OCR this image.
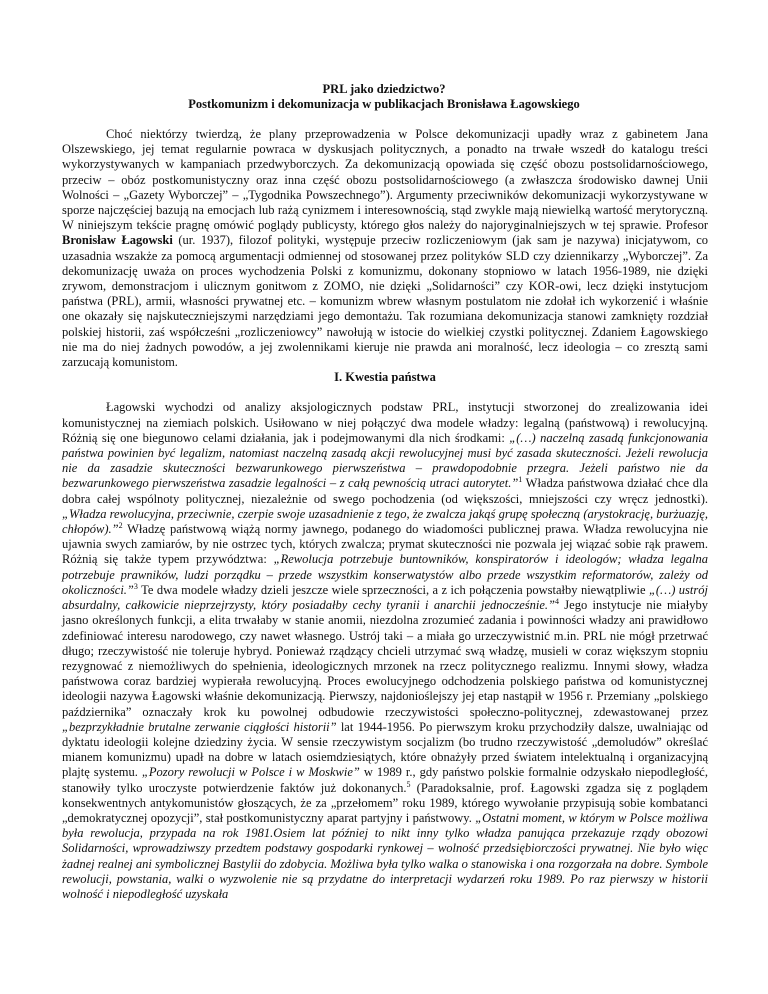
PRL jako dziedzictwo?
Postkomunizm i dekomunizacja w publikacjach Bronisława Łagowskiego

Choć niektórzy twierdzą, że plany przeprowadzenia w Polsce dekomunizacji upadły wraz z gabinetem Jana Olszewskiego, jej temat regularnie powraca w dyskusjach politycznych, a ponadto na trwałe wszedł do katalogu treści wykorzystywanych w kampaniach przedwyborczych. Za dekomunizacją opowiada się część obozu postsolidarnościowego, przeciw – obóz postkomunistyczny oraz inna część obozu postsolidarnościowego (a zwłaszcza środowisko dawnej Unii Wolności – „Gazety Wyborczej” – „Tygodnika Powszechnego”). Argumenty przeciwników dekomunizacji wykorzystywane w sporze najczęściej bazują na emocjach lub rażą cynizmem i interesownością, stąd zwykle mają niewielką wartość merytoryczną. W niniejszym tekście pragnę omówić poglądy publicysty, którego głos należy do najoryginalniejszych w tej sprawie. Profesor Bronisław Łagowski (ur. 1937), filozof polityki, występuje przeciw rozliczeniowym (jak sam je nazywa) inicjatywom, co uzasadnia wszakże za pomocą argumentacji odmiennej od stosowanej przez polityków SLD czy dziennikarzy „Wyborczej”. Za dekomunizację uważa on proces wychodzenia Polski z komunizmu, dokonany stopniowo w latach 1956-1989, nie dzięki zrywom, demonstracjom i ulicznym gonitwom z ZOMO, nie dzięki „Solidarności” czy KOR-owi, lecz dzięki instytucjom państwa (PRL), armii, własności prywatnej etc. – komunizm wbrew własnym postulatom nie zdołał ich wykorzenić i właśnie one okazały się najskuteczniejszymi narzędziami jego demontażu. Tak rozumiana dekomunizacja stanowi zamknięty rozdział polskiej historii, zaś współcześni „rozliczeniowcy” nawołują w istocie do wielkiej czystki politycznej. Zdaniem Łagowskiego nie ma do niej żadnych powodów, a jej zwolennikami kieruje nie prawda ani moralność, lecz ideologia – co zresztą sami zarzucają komunistom.

I. Kwestia państwa

Łagowski wychodzi od analizy aksjologicznych podstaw PRL, instytucji stworzonej do zrealizowania idei komunistycznej na ziemiach polskich. Usiłowano w niej połączyć dwa modele władzy: legalną (państwową) i rewolucyjną. Różnią się one biegunowo celami działania, jak i podejmowanymi dla nich środkami: „(…) naczelną zasadą funkcjonowania państwa powinien być legalizm, natomiast naczelną zasadą akcji rewolucyjnej musi być zasada skuteczności. Jeżeli rewolucja nie da zasadzie skuteczności bezwarunkowego pierwszeństwa – prawdopodobnie przegra. Jeżeli państwo nie da bezwarunkowego pierwszeństwa zasadzie legalności – z całą pewnością utraci autorytet.”$^1$ Władza państwowa działać chce dla dobra całej wspólnoty politycznej, niezależnie od swego pochodzenia (od większości, mniejszości czy wręcz jednostki). „Władza rewolucyjna, przeciwnie, czerpie swoje uzasadnienie z tego, że zwalcza jakąś grupę społeczną (arystokrację, burżuazję, chłopów).”$^2$ Władzę państwową wiążą normy jawnego, podanego do wiadomości publicznej prawa. Władza rewolucyjna nie ujawnia swych zamiarów, by nie ostrzec tych, których zwalcza; prymat skuteczności nie pozwala jej wiązać sobie rąk prawem. Różnią się także typem przywództwa: „Rewolucja potrzebuje buntowników, konspiratorów i ideologów; władza legalna potrzebuje prawników, ludzi porządku – przede wszystkim konserwatystów albo przede wszystkim reformatorów, zależy od okoliczności.”$^3$ Te dwa modele władzy dzieli jeszcze wiele sprzeczności, a z ich połączenia powstałby niewątpliwie „(…) ustrój absurdalny, całkowicie nieprzejrzysty, który posiadałby cechy tyranii i anarchii jednocześnie.”$^4$ Jego instytucje nie miałyby jasno określonych funkcji, a elita trwałaby w stanie anomii, niezdolna zrozumieć zadania i powinności władzy ani prawidłowo zdefiniować interesu narodowego, czy nawet własnego. Ustrój taki – a miała go urzeczywistnić m.in. PRL nie mógł przetrwać długo; rzeczywistość nie toleruje hybryd. Ponieważ rządzący chcieli utrzymać swą władzę, musieli w coraz większym stopniu rezygnować z niemożliwych do spełnienia, ideologicznych mrzonek na rzecz politycznego realizmu. Innymi słowy, władza państwowa coraz bardziej wypierała rewolucyjną. Proces ewolucyjnego odchodzenia polskiego państwa od komunistycznej ideologii nazywa Łagowski właśnie dekomunizacją. Pierwszy, najdonioślejszy jej etap nastąpił w 1956 r. Przemiany „polskiego października” oznaczały krok ku powolnej odbudowie rzeczywistości społeczno-politycznej, zdewastowanej przez „bezprzykładnie brutalne zerwanie ciągłości historii” lat 1944-1956. Po pierwszym kroku przychodziły dalsze, uwalniając od dyktatu ideologii kolejne dziedziny życia. W sensie rzeczywistym socjalizm (bo trudno rzeczywistość „demoludów” określać mianem komunizmu) upadł na dobre w latach osiemdziesiątych, które obnażyły przed światem intelektualną i organizacyjną plajtę systemu. „Pozory rewolucji w Polsce i w Moskwie” w 1989 r., gdy państwo polskie formalnie odzyskało niepodległość, stanowiły tylko uroczyste potwierdzenie faktów już dokonanych.$^5$ (Paradoksalnie, prof. Łagowski zgadza się z poglądem konsekwentnych antykomunistów głoszących, że za „przełomem” roku 1989, którego wywołanie przypisują sobie kombatanci „demokratycznej opozycji”, stał postkomunistyczny aparat partyjny i państwowy. „Ostatni moment, w którym w Polsce możliwa była rewolucja, przypada na rok 1981.Osiem lat później to nikt inny tylko władza panująca przekazuje rządy obozowi Solidarności, wprowadziwszy przedtem podstawy gospodarki rynkowej – wolność przedsiębiorczości prywatnej. Nie było więc żadnej realnej ani symbolicznej Bastylii do zdobycia. Możliwa była tylko walka o stanowiska i ona rozgorzała na dobre. Symbole rewolucji, powstania, walki o wyzwolenie nie są przydatne do interpretacji wydarzeń roku 1989. Po raz pierwszy w historii wolność i niepodległość uzyskała
